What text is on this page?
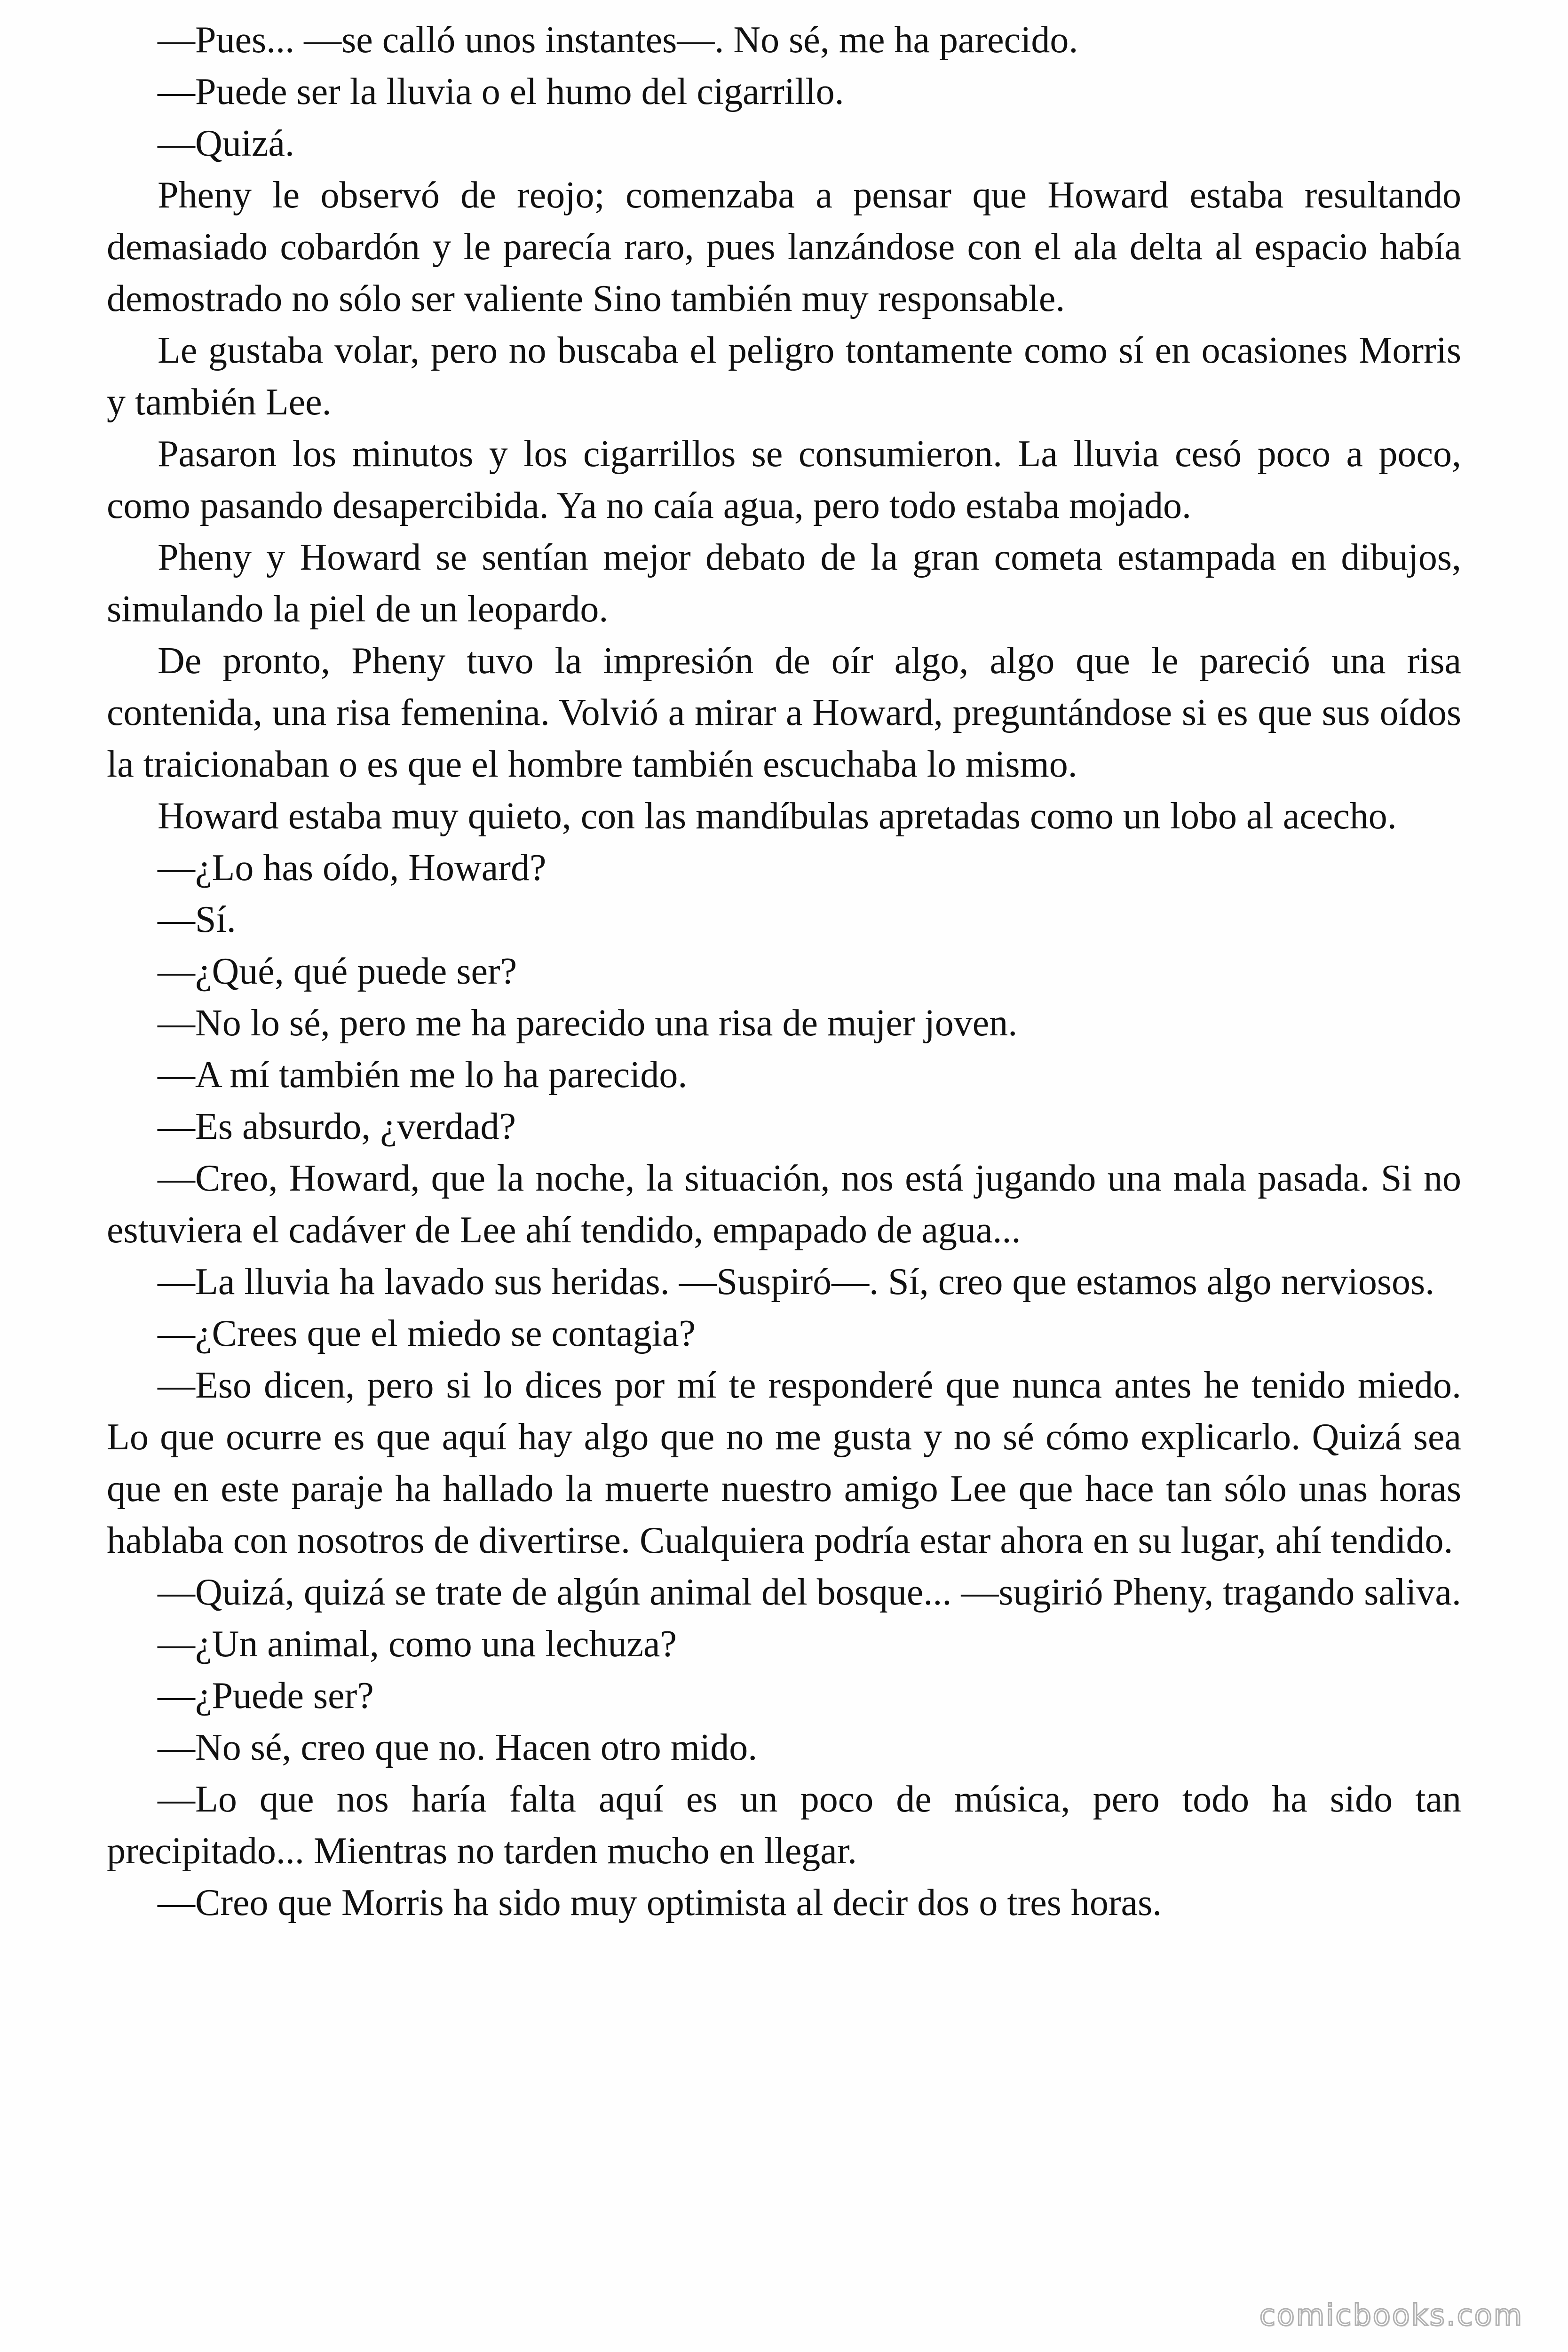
—Pues... —se calló unos instantes—. No sé, me ha parecido.

—Puede ser la lluvia o el humo del cigarrillo.

—Quizá.

Pheny le observó de reojo; comenzaba a pensar que Howard estaba resultando demasiado cobardón y le parecía raro, pues lanzándose con el ala delta al espacio había demostrado no sólo ser valiente Sino también muy responsable.

Le gustaba volar, pero no buscaba el peligro tontamente como sí en ocasiones Morris y también Lee.

Pasaron los minutos y los cigarrillos se consumieron. La lluvia cesó poco a poco, como pasando desapercibida. Ya no caía agua, pero todo estaba mojado.

Pheny y Howard se sentían mejor debato de la gran cometa estampada en dibujos, simulando la piel de un leopardo.

De pronto, Pheny tuvo la impresión de oír algo, algo que le pareció una risa contenida, una risa femenina. Volvió a mirar a Howard, preguntándose si es que sus oídos la traicionaban o es que el hombre también escuchaba lo mismo.

Howard estaba muy quieto, con las mandíbulas apretadas como un lobo al acecho.

—¿Lo has oído, Howard?

—Sí.

—¿Qué, qué puede ser?

—No lo sé, pero me ha parecido una risa de mujer joven.

—A mí también me lo ha parecido.

—Es absurdo, ¿verdad?

—Creo, Howard, que la noche, la situación, nos está jugando una mala pasada. Si no estuviera el cadáver de Lee ahí tendido, empapado de agua...

—La lluvia ha lavado sus heridas. —Suspiró—. Sí, creo que estamos algo nerviosos.

—¿Crees que el miedo se contagia?

—Eso dicen, pero si lo dices por mí te responderé que nunca antes he tenido miedo. Lo que ocurre es que aquí hay algo que no me gusta y no sé cómo explicarlo. Quizá sea que en este paraje ha hallado la muerte nuestro amigo Lee que hace tan sólo unas horas hablaba con nosotros de divertirse. Cualquiera podría estar ahora en su lugar, ahí tendido.

—Quizá, quizá se trate de algún animal del bosque... —sugirió Pheny, tragando saliva.

—¿Un animal, como una lechuza?

—¿Puede ser?

—No sé, creo que no. Hacen otro mido.

—Lo que nos haría falta aquí es un poco de música, pero todo ha sido tan precipitado... Mientras no tarden mucho en llegar.

—Creo que Morris ha sido muy optimista al decir dos o tres horas.

comicbooks.com
